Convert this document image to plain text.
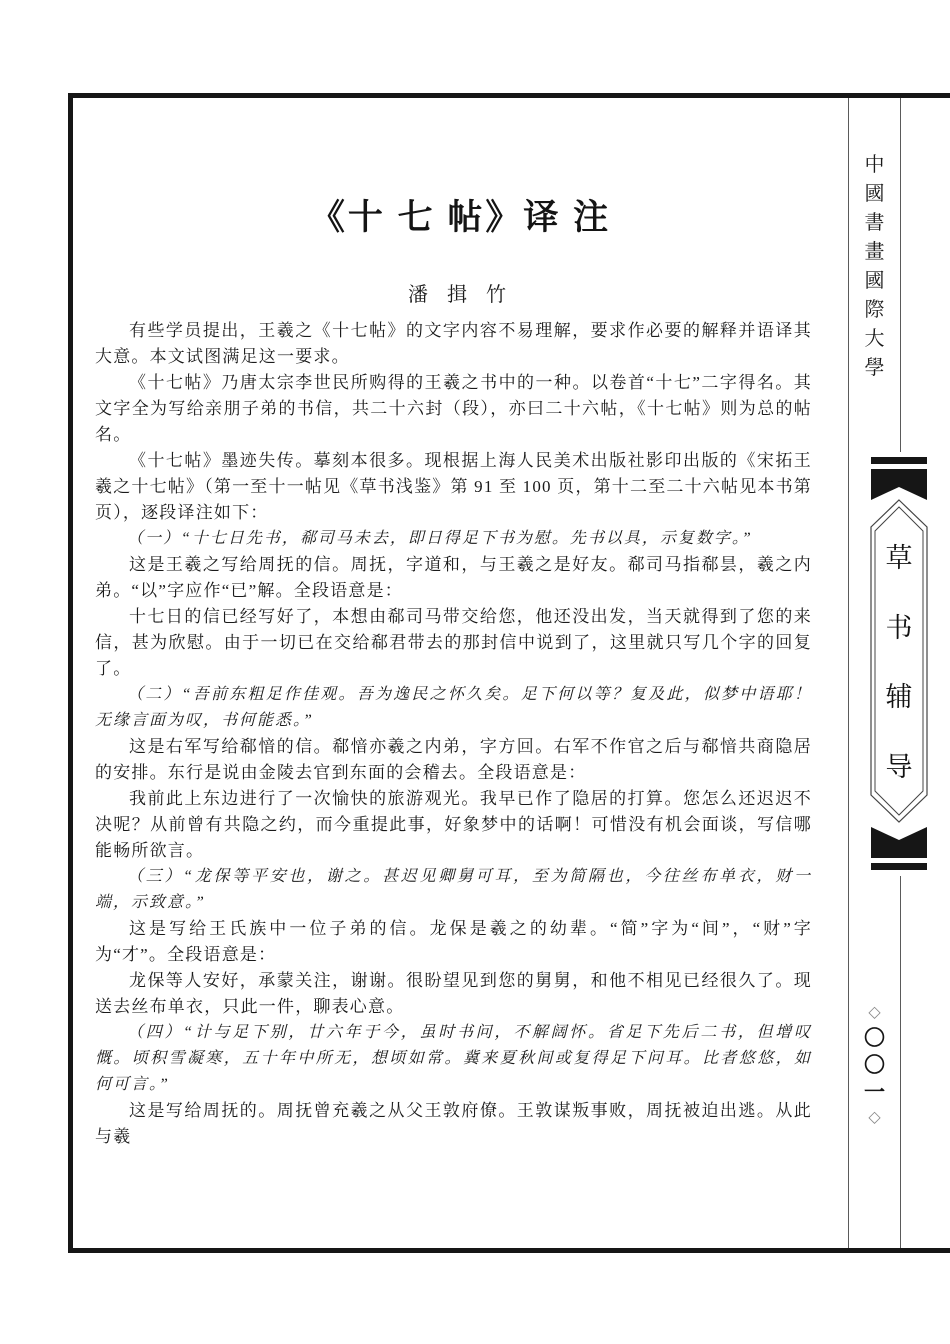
《十 七 帖》译 注
潘 揖 竹

有些学员提出，王羲之《十七帖》的文字内容不易理解，要求作必要的解释并语译其大意。本文试图满足这一要求。

《十七帖》乃唐太宗李世民所购得的王羲之书中的一种。以卷首“十七”二字得名。其文字全为写给亲朋子弟的书信，共二十六封（段），亦曰二十六帖，《十七帖》则为总的帖名。

《十七帖》墨迹失传。摹刻本很多。现根据上海人民美术出版社影印出版的《宋拓王羲之十七帖》（第一至十一帖见《草书浅鉴》第 91 至 100 页，第十二至二十六帖见本书第　页），逐段译注如下：

（一）“十七日先书，郗司马未去，即日得足下书为慰。先书以具，示复数字。”

这是王羲之写给周抚的信。周抚，字道和，与王羲之是好友。郗司马指郗昙，羲之内弟。“以”字应作“已”解。全段语意是：

十七日的信已经写好了，本想由郗司马带交给您，他还没出发，当天就得到了您的来信，甚为欣慰。由于一切已在交给郗君带去的那封信中说到了，这里就只写几个字的回复了。

（二）“吾前东粗足作佳观。吾为逸民之怀久矣。足下何以等？复及此，似梦中语耶！无缘言面为叹，书何能悉。”

这是右军写给郗愔的信。郗愔亦羲之内弟，字方回。右军不作官之后与郗愔共商隐居的安排。东行是说由金陵去官到东面的会稽去。全段语意是：

我前此上东边进行了一次愉快的旅游观光。我早已作了隐居的打算。您怎么还迟迟不决呢？从前曾有共隐之约，而今重提此事，好象梦中的话啊！可惜没有机会面谈，写信哪能畅所欲言。

（三）“龙保等平安也，谢之。甚迟见卿舅可耳，至为简隔也，今往丝布单衣，财一端，示致意。”

这是写给王氏族中一位子弟的信。龙保是羲之的幼辈。“简”字为“间”，“财”字为“才”。全段语意是：

龙保等人安好，承蒙关注，谢谢。很盼望见到您的舅舅，和他不相见已经很久了。现送去丝布单衣，只此一件，聊表心意。

（四）“计与足下别，廿六年于今，虽时书问，不解阔怀。省足下先后二书，但增叹慨。顷积雪凝寒，五十年中所无，想顷如常。冀来夏秋间或复得足下问耳。比者悠悠，如何可言。”

这是写给周抚的。周抚曾充羲之从父王敦府僚。王敦谋叛事败，周抚被迫出逃。从此与羲

中
國
書
畫
國
際
大
學
草
书
辅
导
◇
〇
〇
一
◇
